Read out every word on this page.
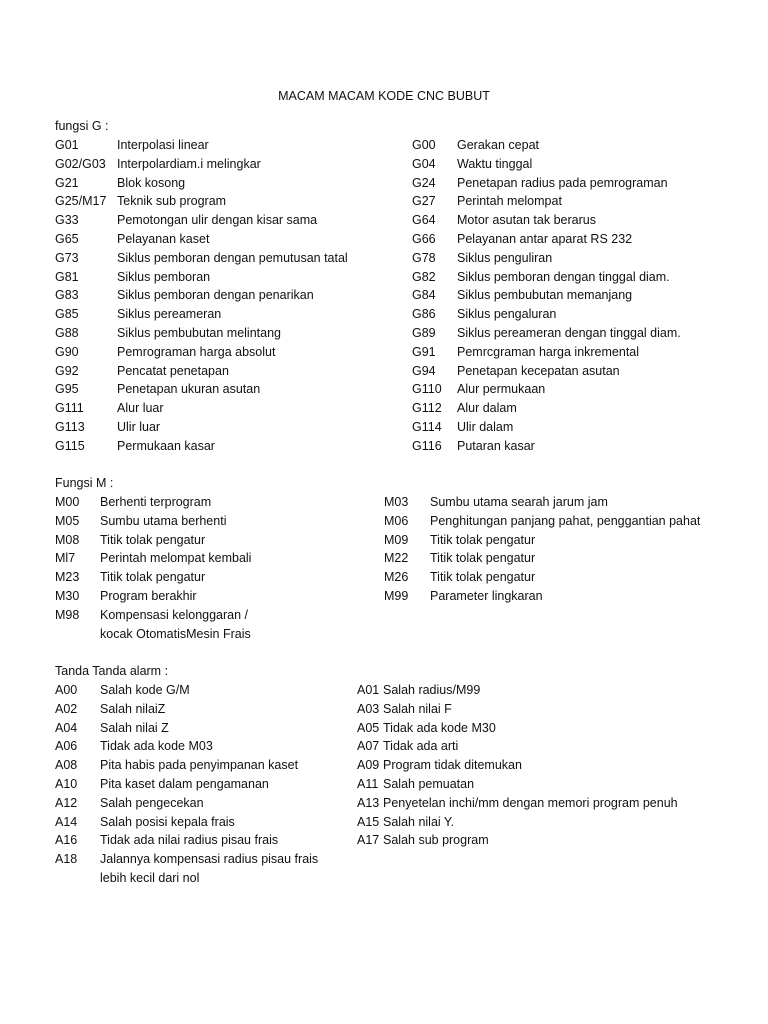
MACAM MACAM KODE CNC BUBUT
fungsi G :
G01	Interpolasi linear
G02/G03 Interpolardiam.i melingkar
G21	Blok kosong
G25/M17 Teknik sub program
G33	Pemotongan ulir dengan kisar sama
G65	Pelayanan kaset
G73	Siklus pemboran dengan pemutusan tatal
G81	Siklus pemboran
G83	Siklus pemboran dengan penarikan
G85	Siklus pereameran
G88	Siklus pembubutan melintang
G90	Pemrograman harga absolut
G92	Pencatat penetapan
G95	Penetapan ukuran asutan
G111	Alur luar
G113	Ulir luar
G115	Permukaan kasar
G00	Gerakan cepat
G04	Waktu tinggal
G24	Penetapan radius pada pemrograman
G27	Perintah melompat
G64	Motor asutan tak berarus
G66	Pelayanan antar aparat RS 232
G78	Siklus penguliran
G82	Siklus pemboran dengan tinggal diam.
G84	Siklus pembubutan memanjang
G86	Siklus pengaluran
G89	Siklus pereameran dengan tinggal diam.
G91	Pemrcgraman harga inkremental
G94	Penetapan kecepatan asutan
G110	Alur permukaan
G112	Alur dalam
G114	Ulir dalam
G116	Putaran kasar
Fungsi M :
M00	Berhenti terprogram
M05	Sumbu utama berhenti
M08	Titik tolak pengatur
Ml7	Perintah melompat kembali
M23	Titik tolak pengatur
M30	Program berakhir
M98	Kompensasi kelonggaran /
kocak OtomatisMesin Frais
M03	Sumbu utama searah jarum jam
M06	Penghitungan panjang pahat, penggantian pahat
M09	Titik tolak pengatur
M22	Titik tolak pengatur
M26	Titik tolak pengatur
M99	Parameter lingkaran
Tanda Tanda alarm :
A00	Salah kode G/M
A02	Salah nilaiZ
A04	Salah nilai Z
A06	Tidak ada kode M03
A08	Pita habis pada penyimpanan kaset
A10	Pita kaset dalam pengamanan
A12	Salah pengecekan
A14	Salah posisi kepala frais
A16	Tidak ada nilai radius pisau frais
A18	Jalannya kompensasi radius pisau frais
lebih kecil dari nol
A01 Salah radius/M99
A03 Salah nilai F
A05 Tidak ada kode M30
A07 Tidak ada arti
A09 Program tidak ditemukan
A11 Salah pemuatan
A13 Penyetelan inchi/mm dengan memori program penuh
A15 Salah nilai Y.
A17 Salah sub program
